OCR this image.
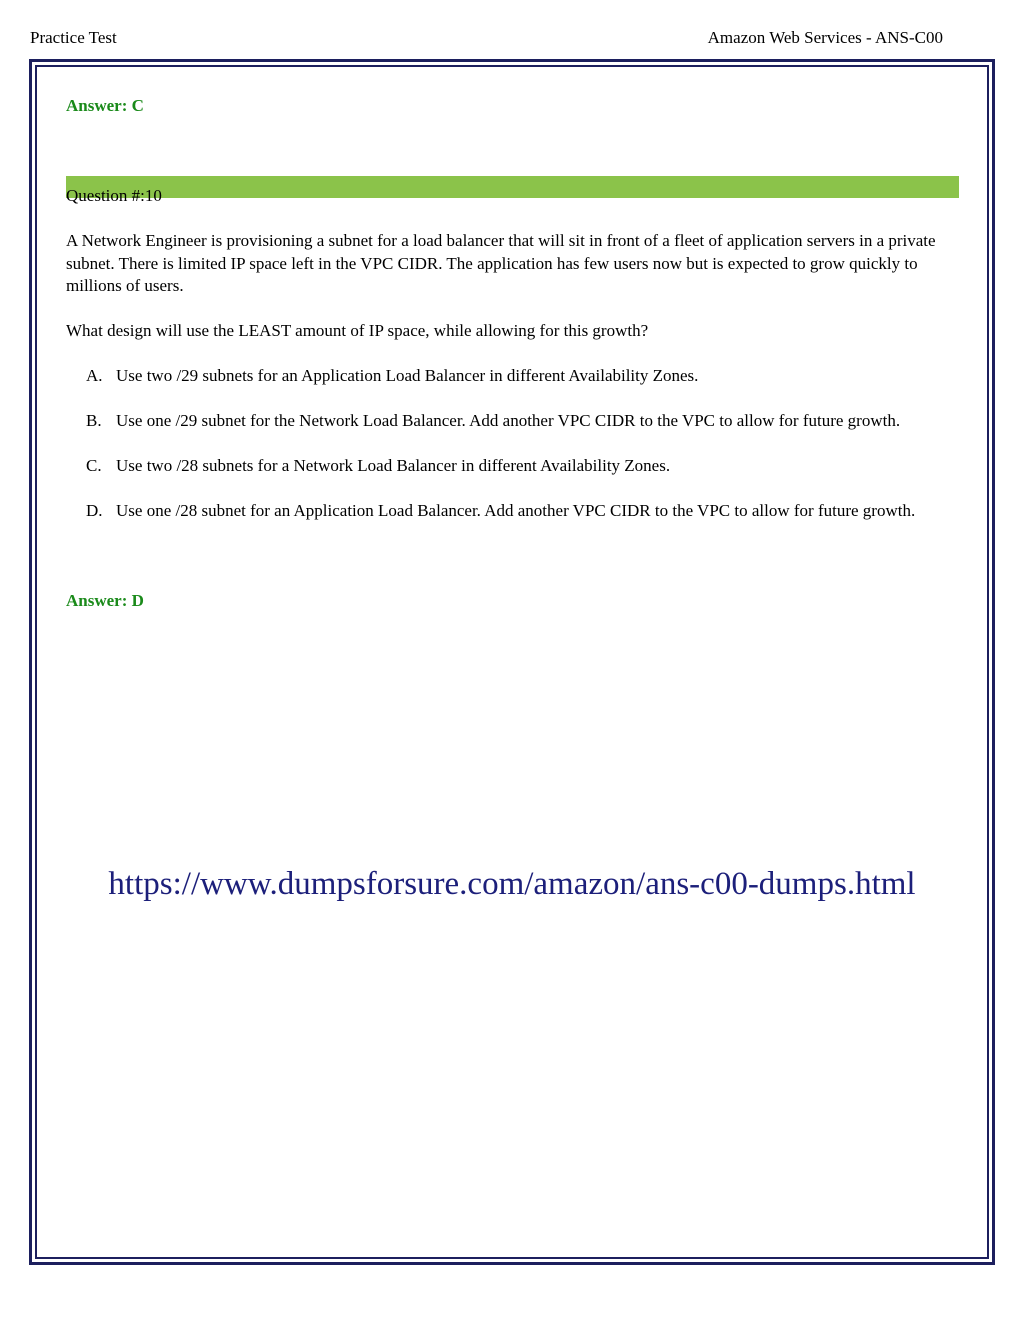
Practice Test	Amazon Web Services - ANS-C00
Answer: C
Question #:10
A Network Engineer is provisioning a subnet for a load balancer that will sit in front of a fleet of application servers in a private subnet. There is limited IP space left in the VPC CIDR. The application has few users now but is expected to grow quickly to millions of users.
What design will use the LEAST amount of IP space, while allowing for this growth?
A. Use two /29 subnets for an Application Load Balancer in different Availability Zones.
B. Use one /29 subnet for the Network Load Balancer. Add another VPC CIDR to the VPC to allow for future growth.
C. Use two /28 subnets for a Network Load Balancer in different Availability Zones.
D. Use one /28 subnet for an Application Load Balancer. Add another VPC CIDR to the VPC to allow for future growth.
Answer: D
https://www.dumpsforsure.com/amazon/ans-c00-dumps.html
